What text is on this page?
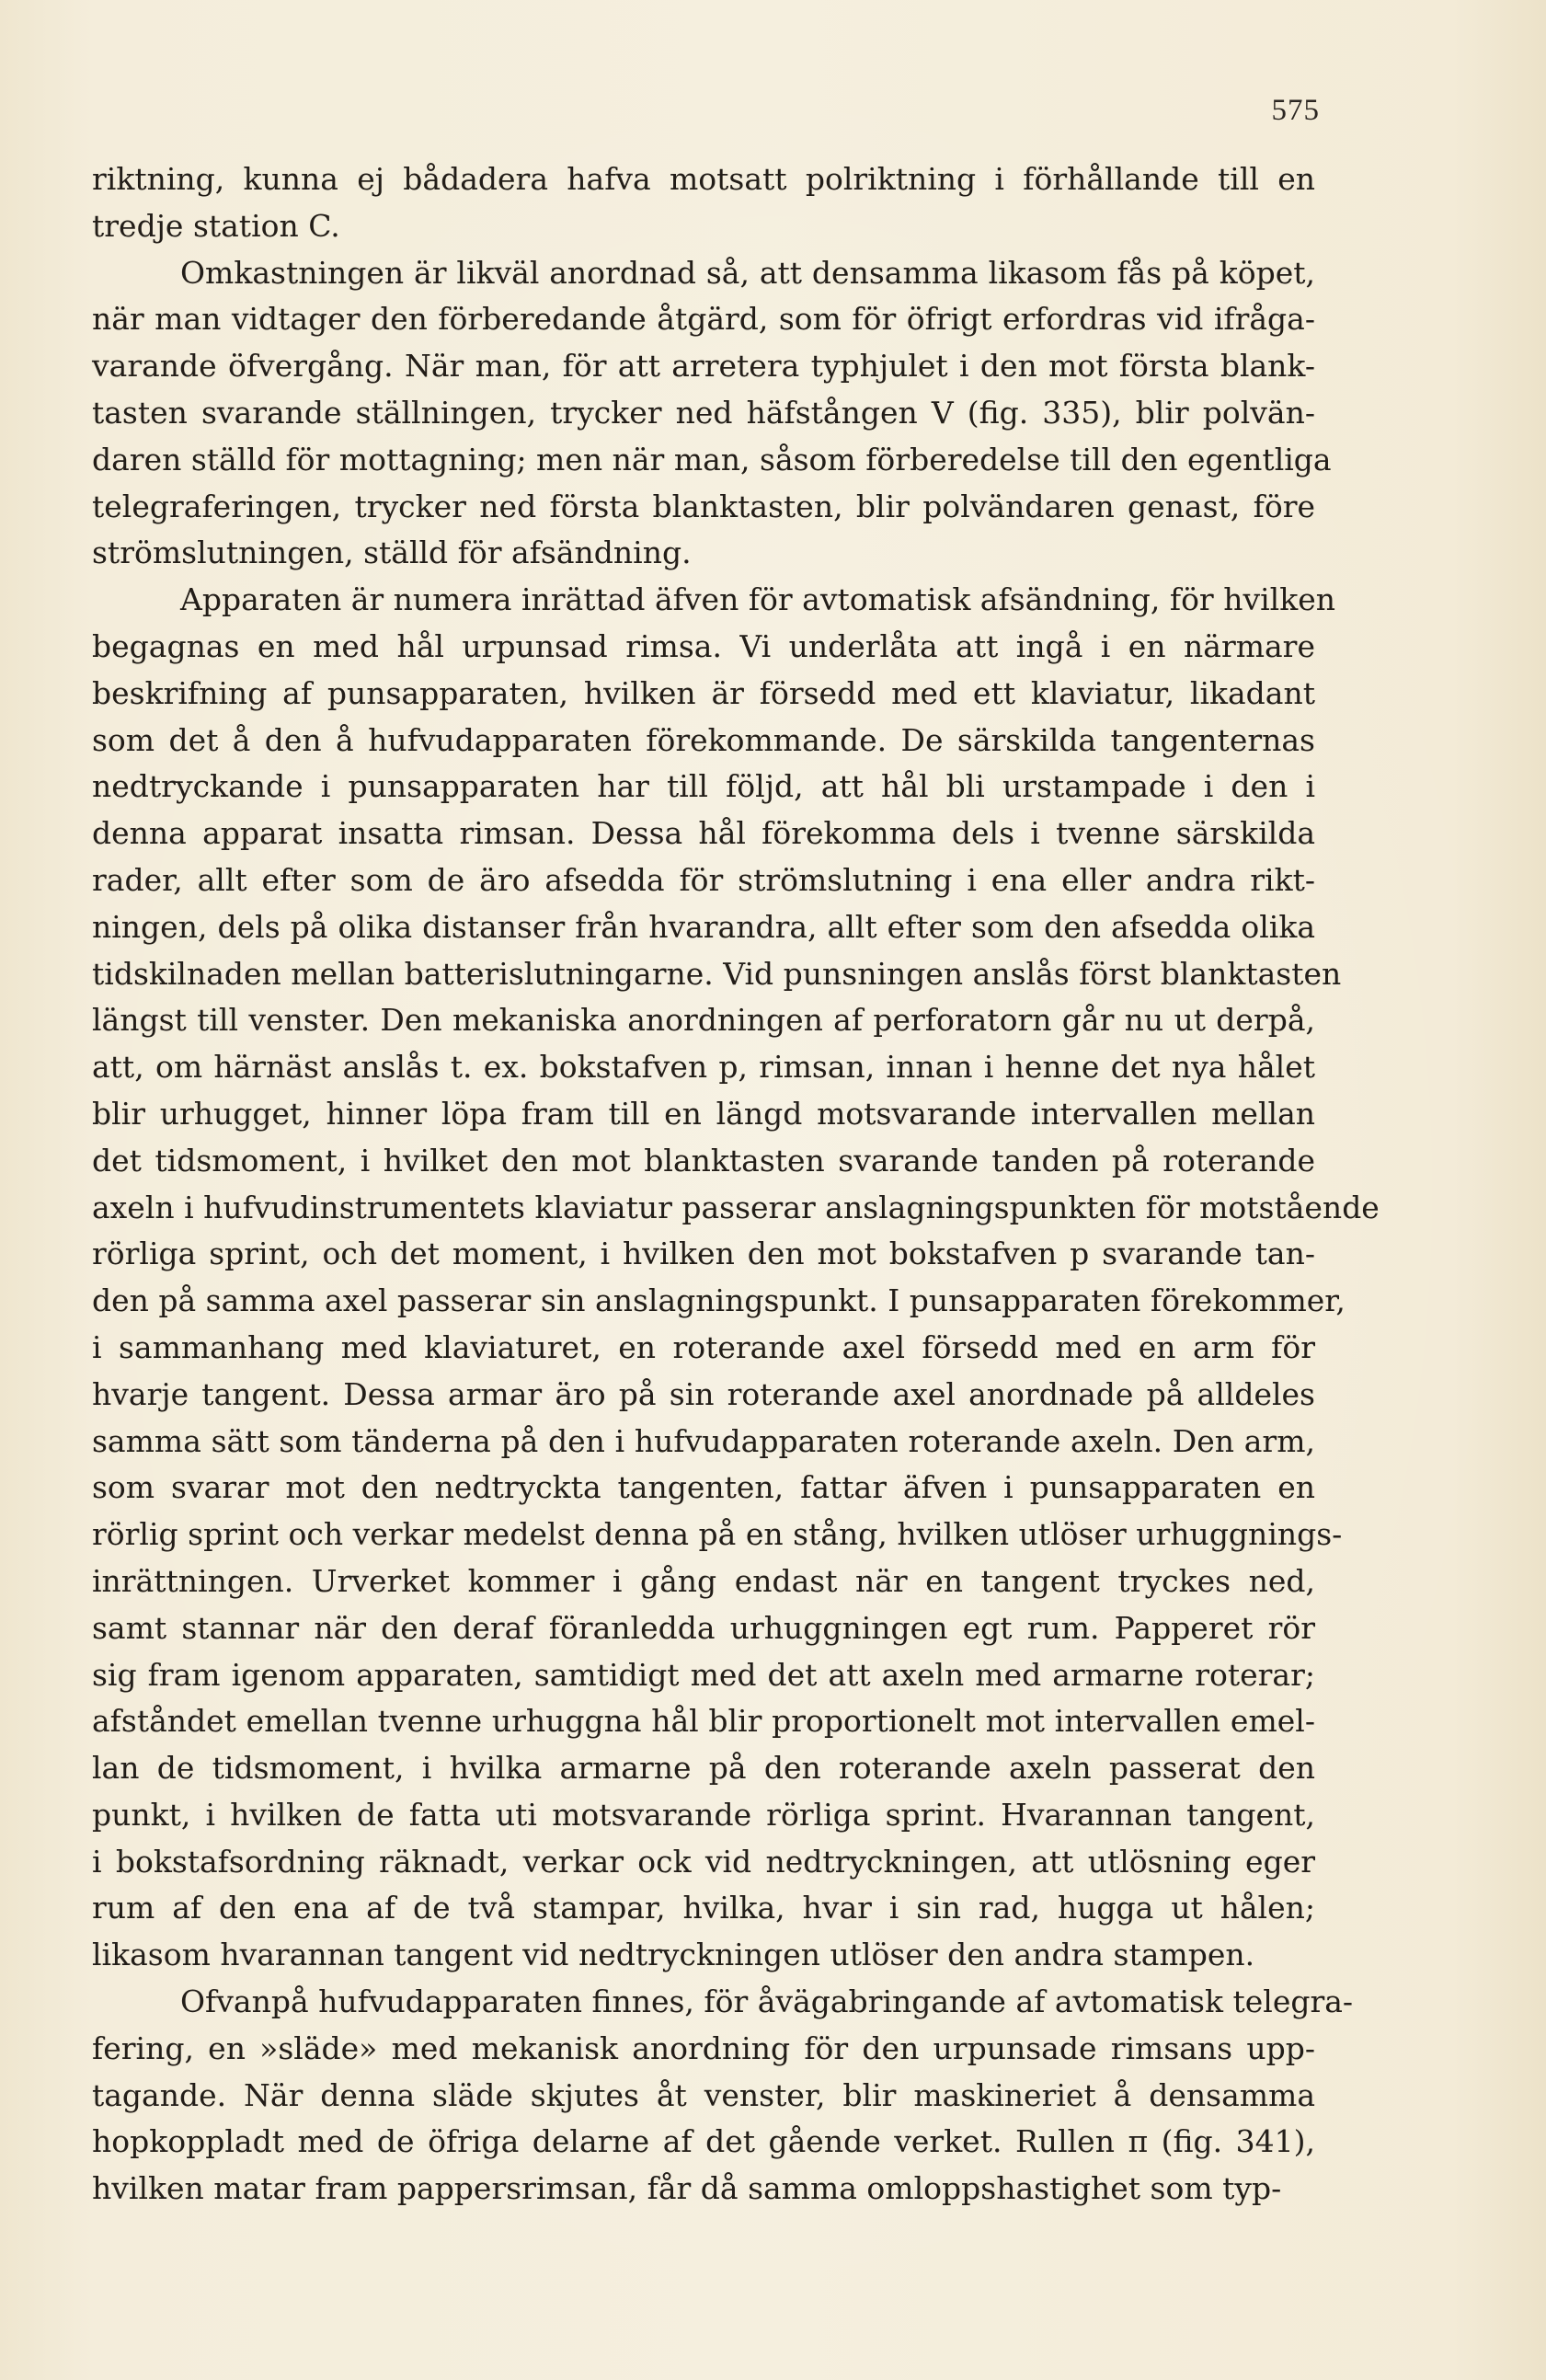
575
riktning, kunna ej bådadera hafva motsatt polriktning i förhållande till en
tredje station C.
Omkastningen är likväl anordnad så, att densamma likasom fås på köpet,
när man vidtager den förberedande åtgärd, som för öfrigt erfordras vid ifråga-
varande öfvergång. När man, för att arretera typhjulet i den mot första blank-
tasten svarande ställningen, trycker ned häfstången V (fig. 335), blir polvän-
daren ställd för mottagning; men när man, såsom förberedelse till den egentliga
telegraferingen, trycker ned första blanktasten, blir polvändaren genast, före
strömslutningen, ställd för afsändning.
Apparaten är numera inrättad äfven för avtomatisk afsändning, för hvilken
begagnas en med hål urpunsad rimsa. Vi underlåta att ingå i en närmare
beskrifning af punsapparaten, hvilken är försedd med ett klaviatur, likadant
som det å den å hufvudapparaten förekommande. De särskilda tangenternas
nedtryckande i punsapparaten har till följd, att hål bli urstampade i den i
denna apparat insatta rimsan. Dessa hål förekomma dels i tvenne särskilda
rader, allt efter som de äro afsedda för strömslutning i ena eller andra rikt-
ningen, dels på olika distanser från hvarandra, allt efter som den afsedda olika
tidskilnaden mellan batterislutningarne. Vid punsningen anslås först blanktasten
längst till venster. Den mekaniska anordningen af perforatorn går nu ut derpå,
att, om härnäst anslås t. ex. bokstafven p, rimsan, innan i henne det nya hålet
blir urhugget, hinner löpa fram till en längd motsvarande intervallen mellan
det tidsmoment, i hvilket den mot blanktasten svarande tanden på roterande
axeln i hufvudinstrumentets klaviatur passerar anslagningspunkten för motstående
rörliga sprint, och det moment, i hvilken den mot bokstafven p svarande tan-
den på samma axel passerar sin anslagningspunkt. I punsapparaten förekommer,
i sammanhang med klaviaturet, en roterande axel försedd med en arm för
hvarje tangent. Dessa armar äro på sin roterande axel anordnade på alldeles
samma sätt som tänderna på den i hufvudapparaten roterande axeln. Den arm,
som svarar mot den nedtryckta tangenten, fattar äfven i punsapparaten en
rörlig sprint och verkar medelst denna på en stång, hvilken utlöser urhuggnings-
inrättningen. Urverket kommer i gång endast när en tangent tryckes ned,
samt stannar när den deraf föranledda urhuggningen egt rum. Papperet rör
sig fram igenom apparaten, samtidigt med det att axeln med armarne roterar;
afståndet emellan tvenne urhuggna hål blir proportionelt mot intervallen emel-
lan de tidsmoment, i hvilka armarne på den roterande axeln passerat den
punkt, i hvilken de fatta uti motsvarande rörliga sprint. Hvarannan tangent,
i bokstafsordning räknadt, verkar ock vid nedtryckningen, att utlösning eger
rum af den ena af de två stampar, hvilka, hvar i sin rad, hugga ut hålen;
likasom hvarannan tangent vid nedtryckningen utlöser den andra stampen.
Ofvanpå hufvudapparaten finnes, för åvägabringande af avtomatisk telegra-
fering, en »släde» med mekanisk anordning för den urpunsade rimsans upp-
tagande. När denna släde skjutes åt venster, blir maskineriet å densamma
hopkoppladt med de öfriga delarne af det gående verket. Rullen π (fig. 341),
hvilken matar fram pappersrimsan, får då samma omloppshastighet som typ-
